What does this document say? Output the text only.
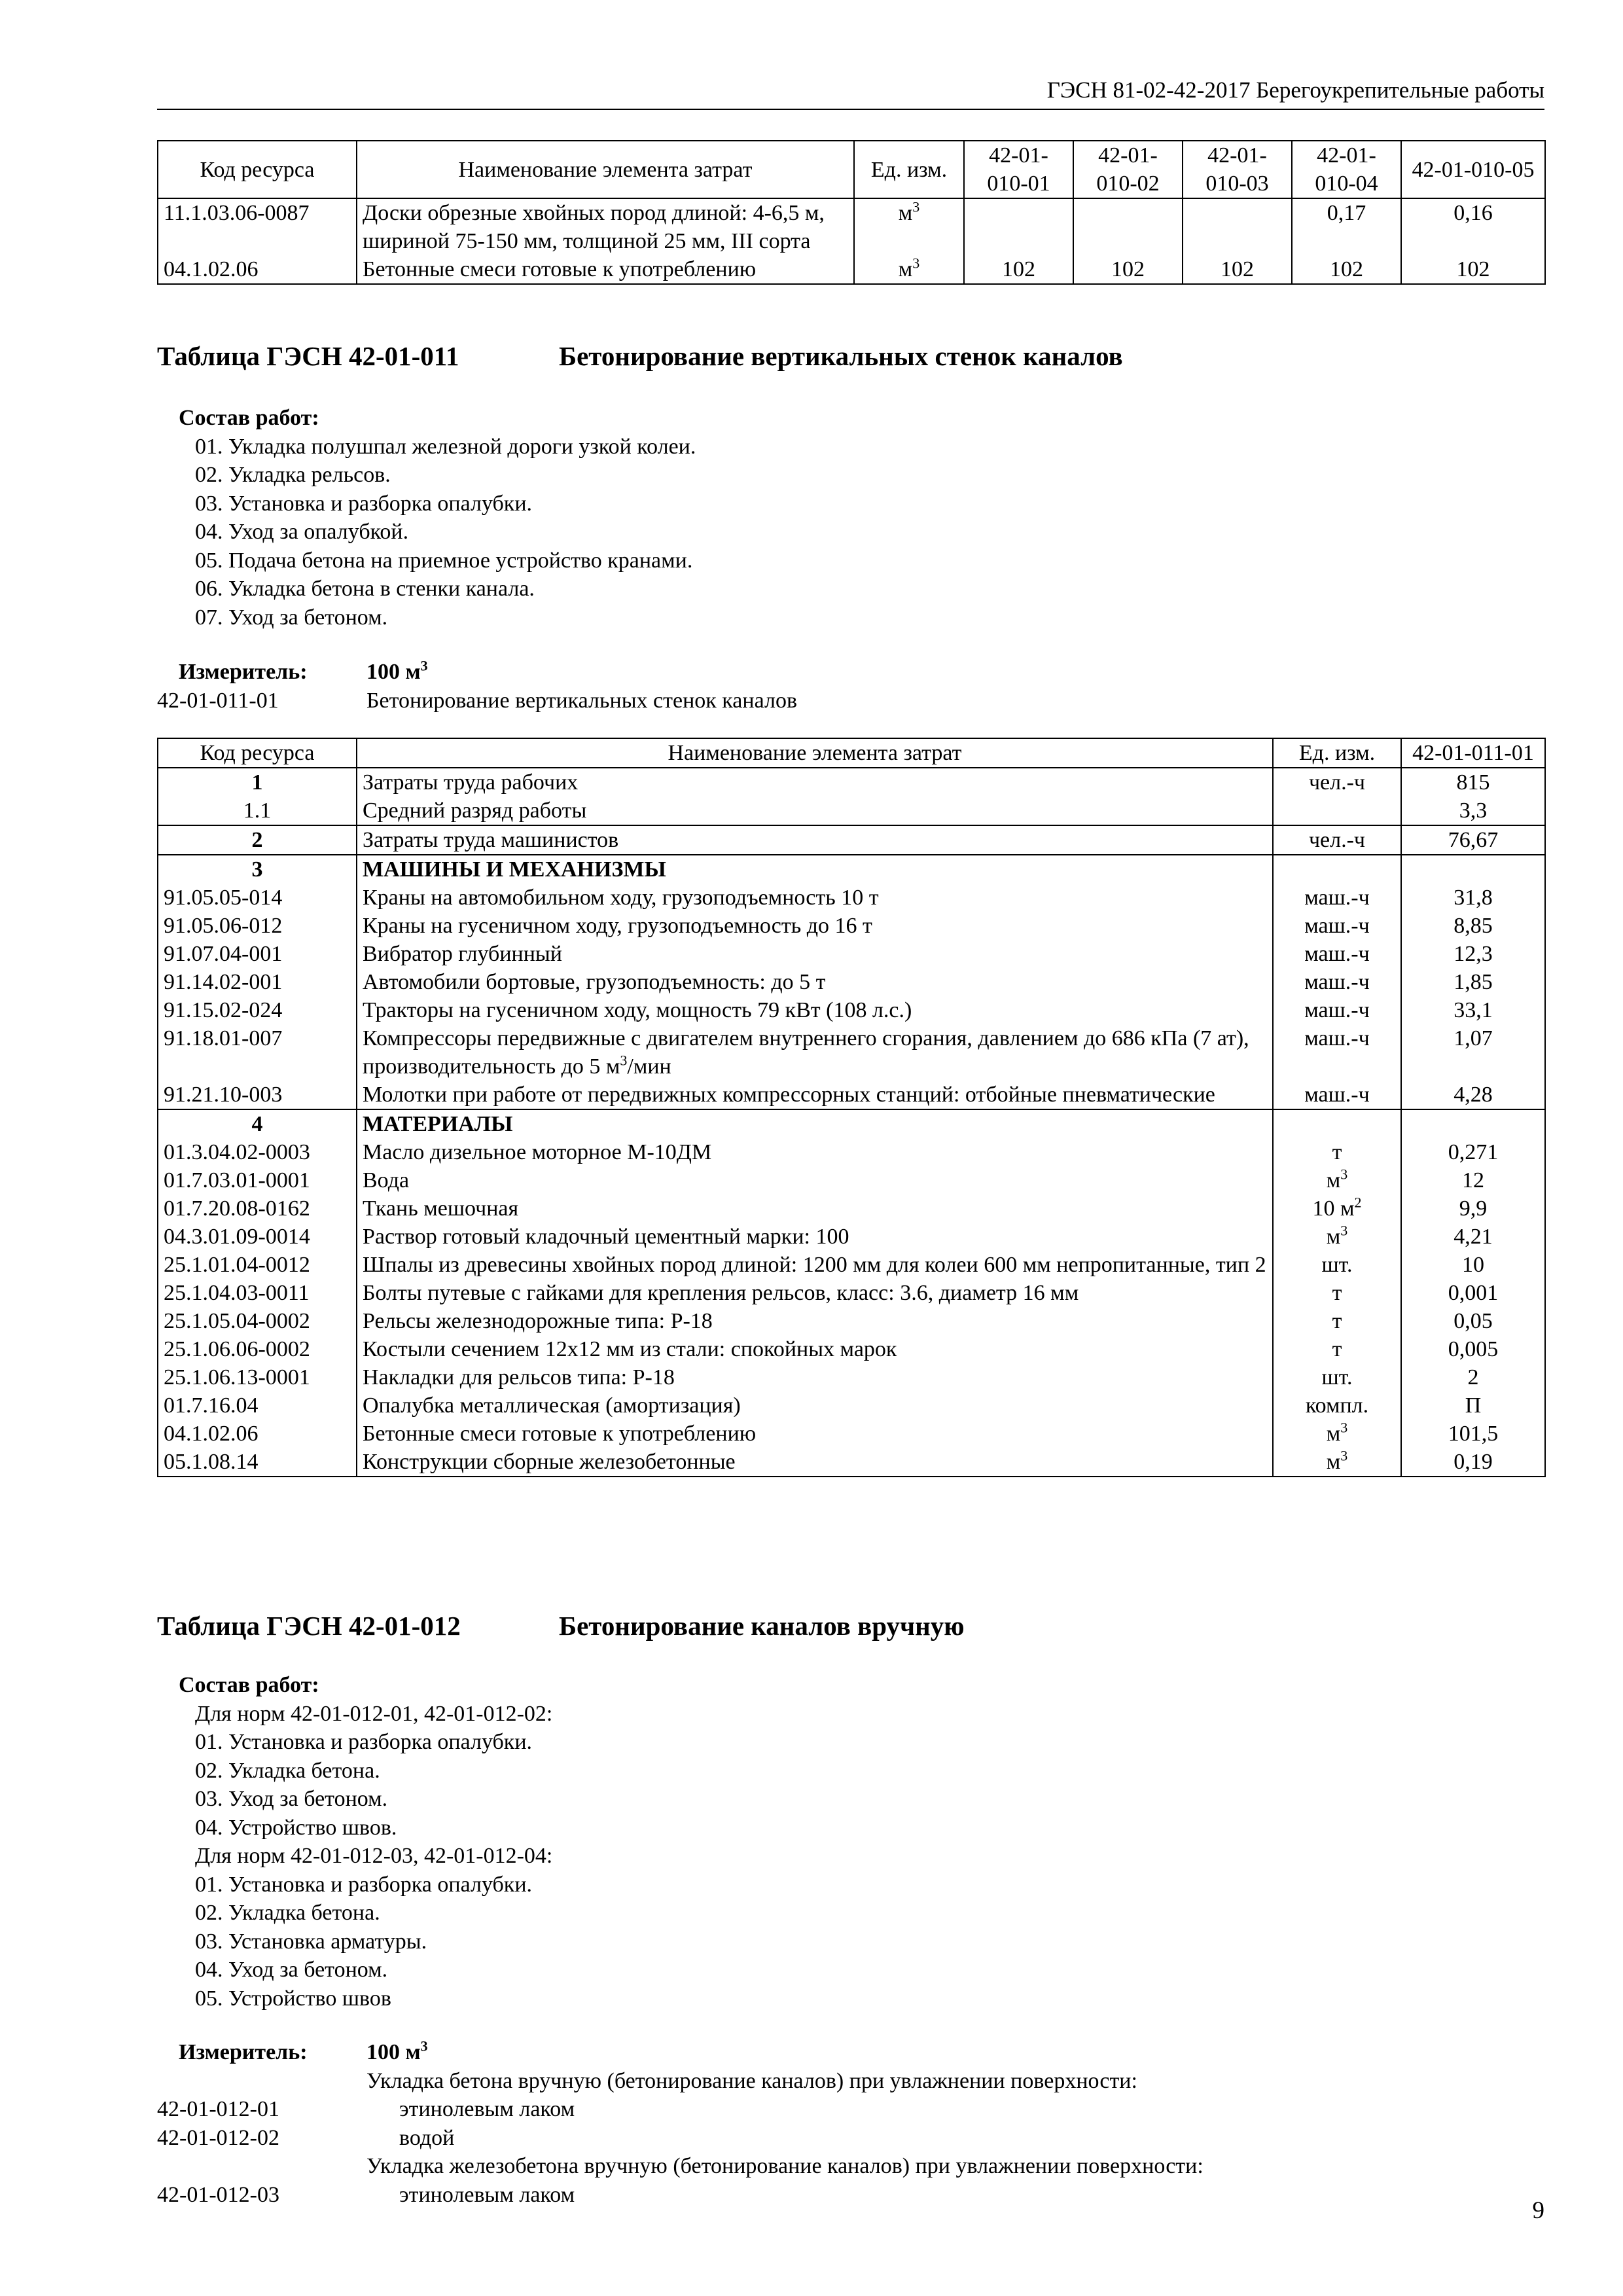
ГЭСН 81-02-42-2017 Берегоукрепительные работы
Код ресурса	Наименование элемента затрат	Ед. изм.	42-01-010-01	42-01-010-02	42-01-010-03	42-01-010-04	42-01-010-05
11.1.03.06-0087	Доски обрезные хвойных пород длиной: 4-6,5 м, шириной 75-150 мм, толщиной 25 мм, III сорта	$м^3$				0,17	0,16
04.1.02.06	Бетонные смеси готовые к употреблению	$м^3$	102	102	102	102	102
Таблица ГЭСН 42-01-011	Бетонирование вертикальных стенок каналов
Состав работ:
01. Укладка полушпал железной дороги узкой колеи.
02. Укладка рельсов.
03. Установка и разборка опалубки.
04. Уход за опалубкой.
05. Подача бетона на приемное устройство кранами.
06. Укладка бетона в стенки канала.
07. Уход за бетоном.
Измеритель:	100 $м^3$
42-01-011-01	Бетонирование вертикальных стенок каналов
Код ресурса	Наименование элемента затрат	Ед. изм.	42-01-011-01
1	Затраты труда рабочих	чел.-ч	815
1.1	Средний разряд работы		3,3
2	Затраты труда машинистов	чел.-ч	76,67
3	МАШИНЫ И МЕХАНИЗМЫ		
91.05.05-014	Краны на автомобильном ходу, грузоподъемность 10 т	маш.-ч	31,8
91.05.06-012	Краны на гусеничном ходу, грузоподъемность до 16 т	маш.-ч	8,85
91.07.04-001	Вибратор глубинный	маш.-ч	12,3
91.14.02-001	Автомобили бортовые, грузоподъемность: до 5 т	маш.-ч	1,85
91.15.02-024	Тракторы на гусеничном ходу, мощность 79 кВт (108 л.с.)	маш.-ч	33,1
91.18.01-007	Компрессоры передвижные с двигателем внутреннего сгорания, давлением до 686 кПа (7 ат), производительность до 5 $м^3$/мин	маш.-ч	1,07
91.21.10-003	Молотки при работе от передвижных компрессорных станций: отбойные пневматические	маш.-ч	4,28
4	МАТЕРИАЛЫ		
01.3.04.02-0003	Масло дизельное моторное М-10ДМ	т	0,271
01.7.03.01-0001	Вода	$м^3$	12
01.7.20.08-0162	Ткань мешочная	10 $м^2$	9,9
04.3.01.09-0014	Раствор готовый кладочный цементный марки: 100	$м^3$	4,21
25.1.01.04-0012	Шпалы из древесины хвойных пород длиной: 1200 мм для колеи 600 мм непропитанные, тип 2	шт.	10
25.1.04.03-0011	Болты путевые с гайками для крепления рельсов, класс: 3.6, диаметр 16 мм	т	0,001
25.1.05.04-0002	Рельсы железнодорожные типа: Р-18	т	0,05
25.1.06.06-0002	Костыли сечением 12х12 мм из стали: спокойных марок	т	0,005
25.1.06.13-0001	Накладки для рельсов типа: Р-18	шт.	2
01.7.16.04	Опалубка металлическая (амортизация)	компл.	П
04.1.02.06	Бетонные смеси готовые к употреблению	$м^3$	101,5
05.1.08.14	Конструкции сборные железобетонные	$м^3$	0,19
Таблица ГЭСН 42-01-012	Бетонирование каналов вручную
Состав работ:
Для норм 42-01-012-01, 42-01-012-02:
01. Установка и разборка опалубки.
02. Укладка бетона.
03. Уход за бетоном.
04. Устройство швов.
Для норм 42-01-012-03, 42-01-012-04:
01. Установка и разборка опалубки.
02. Укладка бетона.
03. Установка арматуры.
04. Уход за бетоном.
05. Устройство швов
Измеритель:	100 $м^3$
Укладка бетона вручную (бетонирование каналов) при увлажнении поверхности:
42-01-012-01	этинолевым лаком
42-01-012-02	водой
Укладка железобетона вручную (бетонирование каналов) при увлажнении поверхности:
42-01-012-03	этинолевым лаком
9
